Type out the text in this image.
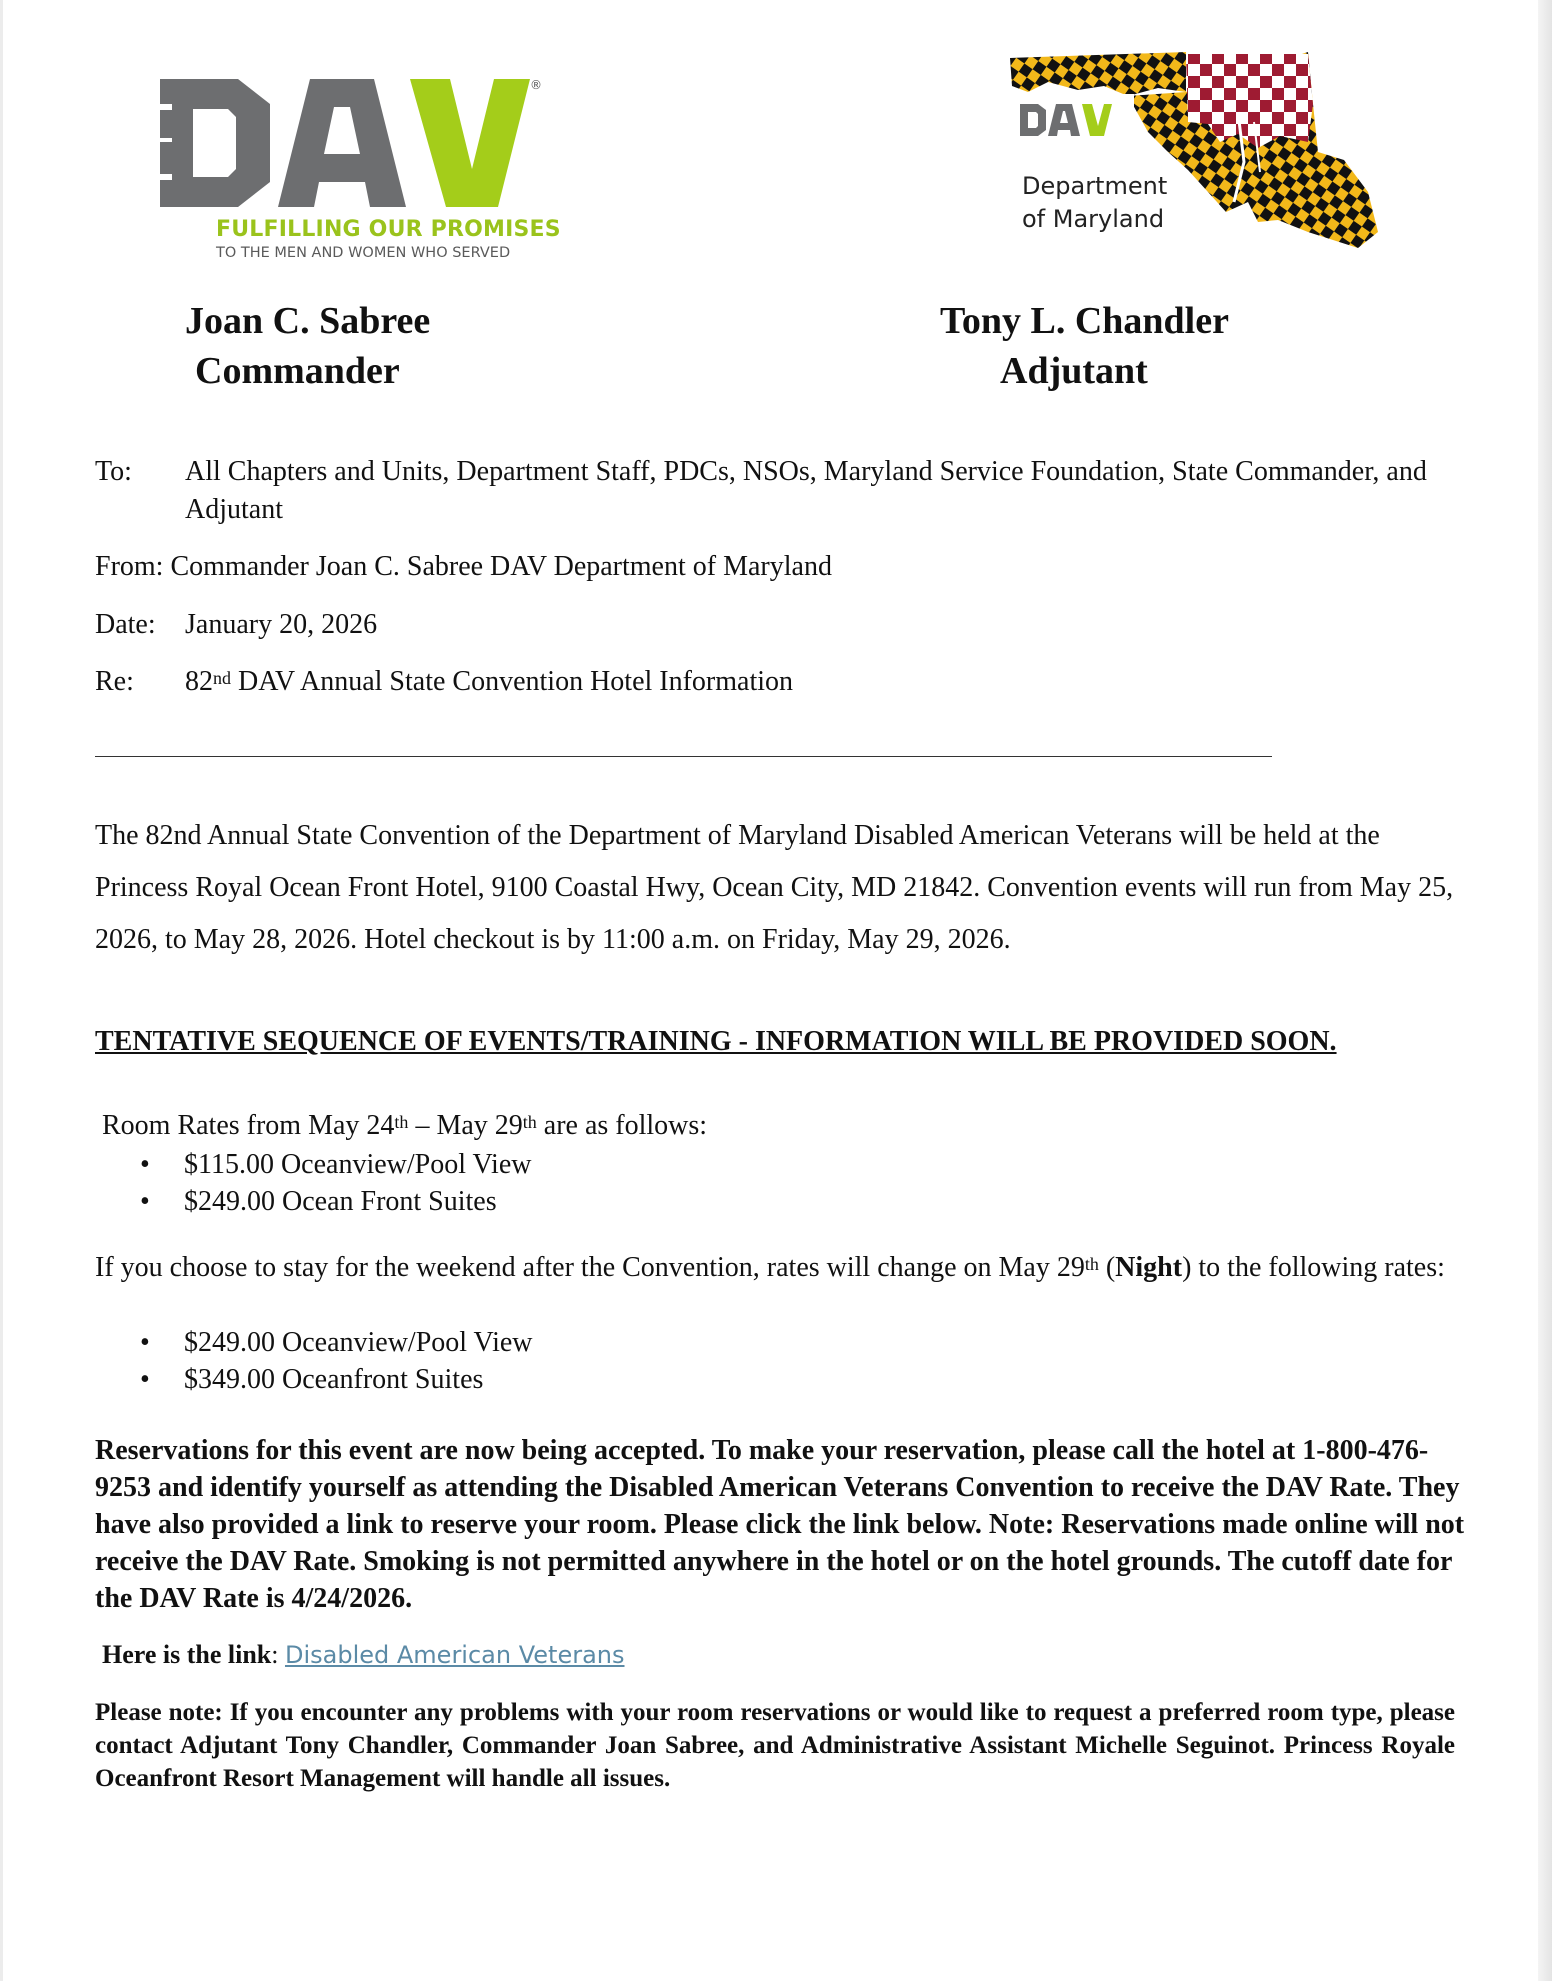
®
FULFILLING OUR PROMISES
TO THE MEN AND WOMEN WHO SERVED
Department
of Maryland
Joan C. Sabree
Commander
Tony L. Chandler
Adjutant
To: All Chapters and Units, Department Staff, PDCs, NSOs, Maryland Service Foundation, State Commander, and Adjutant
From: Commander Joan C. Sabree DAV Department of Maryland
Date: January 20, 2026
Re: 82nd DAV Annual State Convention Hotel Information
The 82nd Annual State Convention of the Department of Maryland Disabled American Veterans will be held at the Princess Royal Ocean Front Hotel, 9100 Coastal Hwy, Ocean City, MD 21842. Convention events will run from May 25, 2026, to May 28, 2026. Hotel checkout is by 11:00 a.m. on Friday, May 29, 2026.
TENTATIVE SEQUENCE OF EVENTS/TRAINING - INFORMATION WILL BE PROVIDED SOON.
Room Rates from May 24th – May 29th are as follows:
• $115.00 Oceanview/Pool View
• $249.00 Ocean Front Suites
If you choose to stay for the weekend after the Convention, rates will change on May 29th (Night) to the following rates:
• $249.00 Oceanview/Pool View
• $349.00 Oceanfront Suites
Reservations for this event are now being accepted. To make your reservation, please call the hotel at 1-800-476-9253 and identify yourself as attending the Disabled American Veterans Convention to receive the DAV Rate. They have also provided a link to reserve your room. Please click the link below. Note: Reservations made online will not receive the DAV Rate. Smoking is not permitted anywhere in the hotel or on the hotel grounds. The cutoff date for the DAV Rate is 4/24/2026.
Here is the link: Disabled American Veterans
Please note: If you encounter any problems with your room reservations or would like to request a preferred room type, please contact Adjutant Tony Chandler, Commander Joan Sabree, and Administrative Assistant Michelle Seguinot. Princess Royale Oceanfront Resort Management will handle all issues.
